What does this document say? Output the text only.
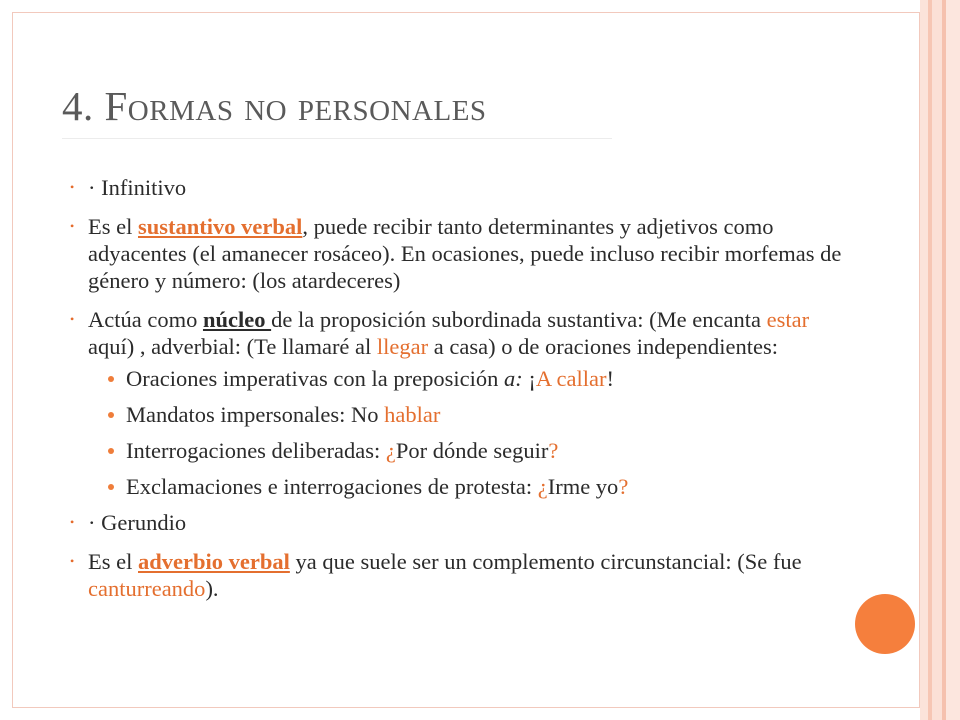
4. Formas no personales
• · Infinitivo
• Es el sustantivo verbal, puede recibir tanto determinantes y adjetivos como adyacentes (el amanecer rosáceo). En ocasiones, puede incluso recibir morfemas de género y número: (los atardeceres)
• Actúa como núcleo de la proposición subordinada sustantiva: (Me encanta estar aquí) , adverbial: (Te llamaré al llegar a casa) o de oraciones independientes:
Oraciones imperativas con la preposición a: ¡A callar!
Mandatos impersonales: No hablar
Interrogaciones deliberadas: ¿Por dónde seguir?
Exclamaciones e interrogaciones de protesta: ¿Irme yo?
• · Gerundio
• Es el adverbio verbal ya que suele ser un complemento circunstancial: (Se fue canturreando).
